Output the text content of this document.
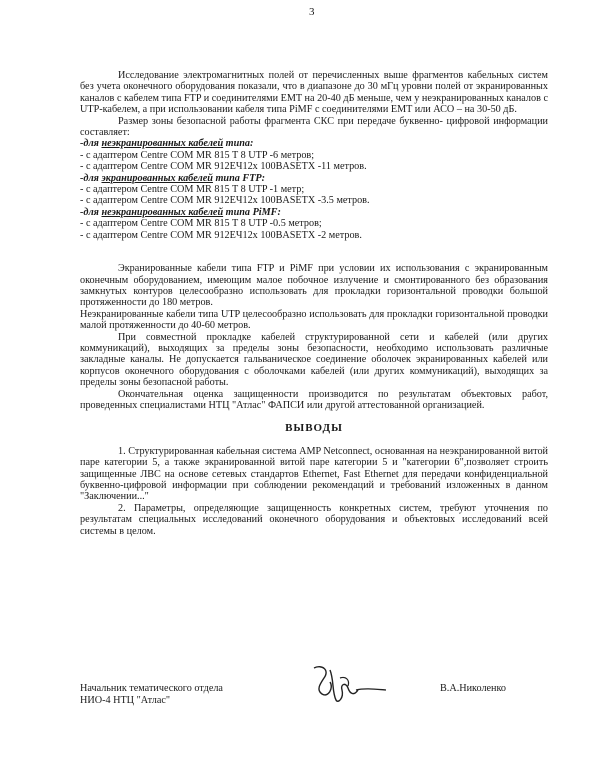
3

Исследование электромагнитных полей от перечисленных выше фрагментов кабельных систем без учета оконечного оборудования показали, что в диапазоне до 30 мГц уровни полей от экранированных каналов с кабелем типа FTP и соединителями EMT на 20-40 дБ меньше, чем у неэкранированных каналов с UTP-кабелем, а при использовании кабеля типа PiMF с соединителями EMT или АСО – на 30-50 дБ.

Размер зоны безопасной работы фрагмента СКС при передаче буквенно- цифровой информации составляет:

-для неэкранированных кабелей типа:
- с адаптером Centre COM MR 815 T 8 UTP -6 метров;
- с адаптером Centre COM MR 912ЕЧ12х 100BASETX -11 метров.
-для экранированных кабелей типа FTP:
- с адаптером Centre COM MR 815 T 8 UTP -1 метр;
- с адаптером Centre COM MR 912ЕЧ12х 100BASETX -3.5 метров.
-для неэкранированных кабелей типа PiMF:
- с адаптером Centre COM MR 815 T 8 UTP -0.5 метров;
- с адаптером Centre COM MR 912ЕЧ12х 100BASETX -2 метров.

Экранированные кабели типа FTP и PiMF при условии их использования с экранированным оконечным оборудованием, имеющим малое побочное излучение и смонтированного без образования замкнутых контуров целесообразно использовать для прокладки горизонтальной проводки большой протяженности до 180 метров.

Неэкранированные кабели типа UTP целесообразно использовать для прокладки горизонтальной проводки малой протяженности до 40-60 метров.

При совместной прокладке кабелей структурированной сети и кабелей (или других коммуникаций), выходящих за пределы зоны безопасности, необходимо использовать различные закладные каналы. Не допускается гальваническое соединение оболочек экранированных кабелей или корпусов оконечного оборудования с оболочками кабелей (или других коммуникаций), выходящих за пределы зоны безопасной работы.

Окончательная оценка защищенности производится по результатам объектовых работ, проведенных специалистами НТЦ "Атлас" ФАПСИ или другой аттестованной организацией.

ВЫВОДЫ

1. Структурированная кабельная система AMP Netconnect, основанная на неэкранированной витой паре категории 5, а также экранированной витой паре категории 5 и "категории 6",позволяет строить защищенные ЛВС на основе сетевых стандартов Ethernet, Fast Ethernet для передачи конфиденциальной буквенно-цифровой информации при соблюдении рекомендаций и требований изложенных в данном "Заключении..."

2. Параметры, определяющие защищенность конкретных систем, требуют уточнения по результатам специальных исследований оконечного оборудования и объектовых исследований всей системы в целом.

Начальник тематического отдела
НИО-4 НТЦ "Атлас"
В.А.Николенко
